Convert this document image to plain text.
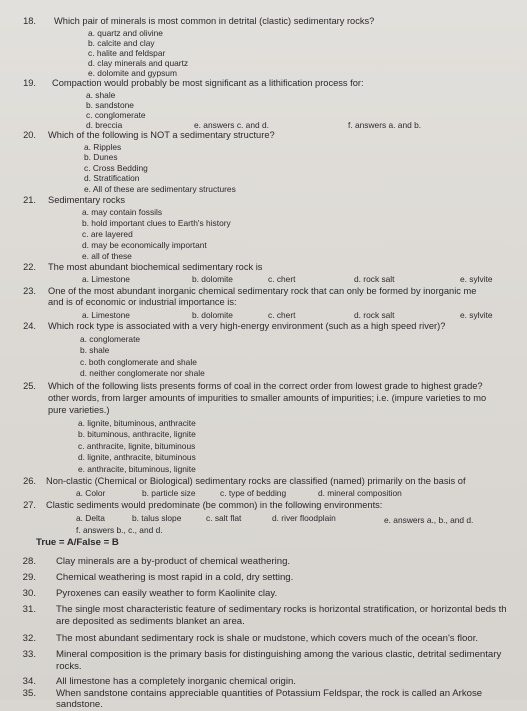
18. Which pair of minerals is most common in detrital (clastic) sedimentary rocks?
a. quartz and olivine
b. calcite and clay
c. halite and feldspar
d. clay minerals and quartz
e. dolomite and gypsum
19. Compaction would probably be most significant as a lithification process for:
a. shale
b. sandstone
c. conglomerate
d. breccia	e. answers c. and d.	f. answers a. and b.
20. Which of the following is NOT a sedimentary structure?
a. Ripples
b. Dunes
c. Cross Bedding
d. Stratification
e. All of these are sedimentary structures
21. Sedimentary rocks
a. may contain fossils
b. hold important clues to Earth's history
c. are layered
d. may be economically important
e. all of these
22. The most abundant biochemical sedimentary rock is
a. Limestone	b. dolomite	c. chert	d. rock salt	e. sylvite
23. One of the most abundant inorganic chemical sedimentary rock that can only be formed by inorganic me
and is of economic or industrial importance is:
a. Limestone	b. dolomite	c. chert	d. rock salt	e. sylvite
24. Which rock type is associated with a very high-energy environment (such as a high speed river)?
a. conglomerate
b. shale
c. both conglomerate and shale
d. neither conglomerate nor shale
25. Which of the following lists presents forms of coal in the correct order from lowest grade to highest grade?
other words, from larger amounts of impurities to smaller amounts of impurities; i.e. (impure varieties to mo
pure varieties.)
a. lignite, bituminous, anthracite
b. bituminous, anthracite, lignite
c. anthracite, lignite, bituminous
d. lignite, anthracite, bituminous
e. anthracite, bituminous, lignite
26. Non-clastic (Chemical or Biological) sedimentary rocks are classified (named) primarily on the basis of
a. Color	b. particle size	c. type of bedding	d. mineral composition
27. Clastic sediments would predominate (be common) in the following environments:
a. Delta	b. talus slope	c. salt flat	d. river floodplain	e. answers a., b., and d.
f. answers b., c., and d.
True = A/False = B
28. Clay minerals are a by-product of chemical weathering.
29. Chemical weathering is most rapid in a cold, dry setting.
30. Pyroxenes can easily weather to form Kaolinite clay.
31. The single most characteristic feature of sedimentary rocks is horizontal stratification, or horizontal beds th
are deposited as sediments blanket an area.
32. The most abundant sedimentary rock is shale or mudstone, which covers much of the ocean's floor.
33. Mineral composition is the primary basis for distinguishing among the various clastic, detrital sedimentary
rocks.
34. All limestone has a completely inorganic chemical origin.
35. When sandstone contains appreciable quantities of Potassium Feldspar, the rock is called an Arkose
sandstone.
